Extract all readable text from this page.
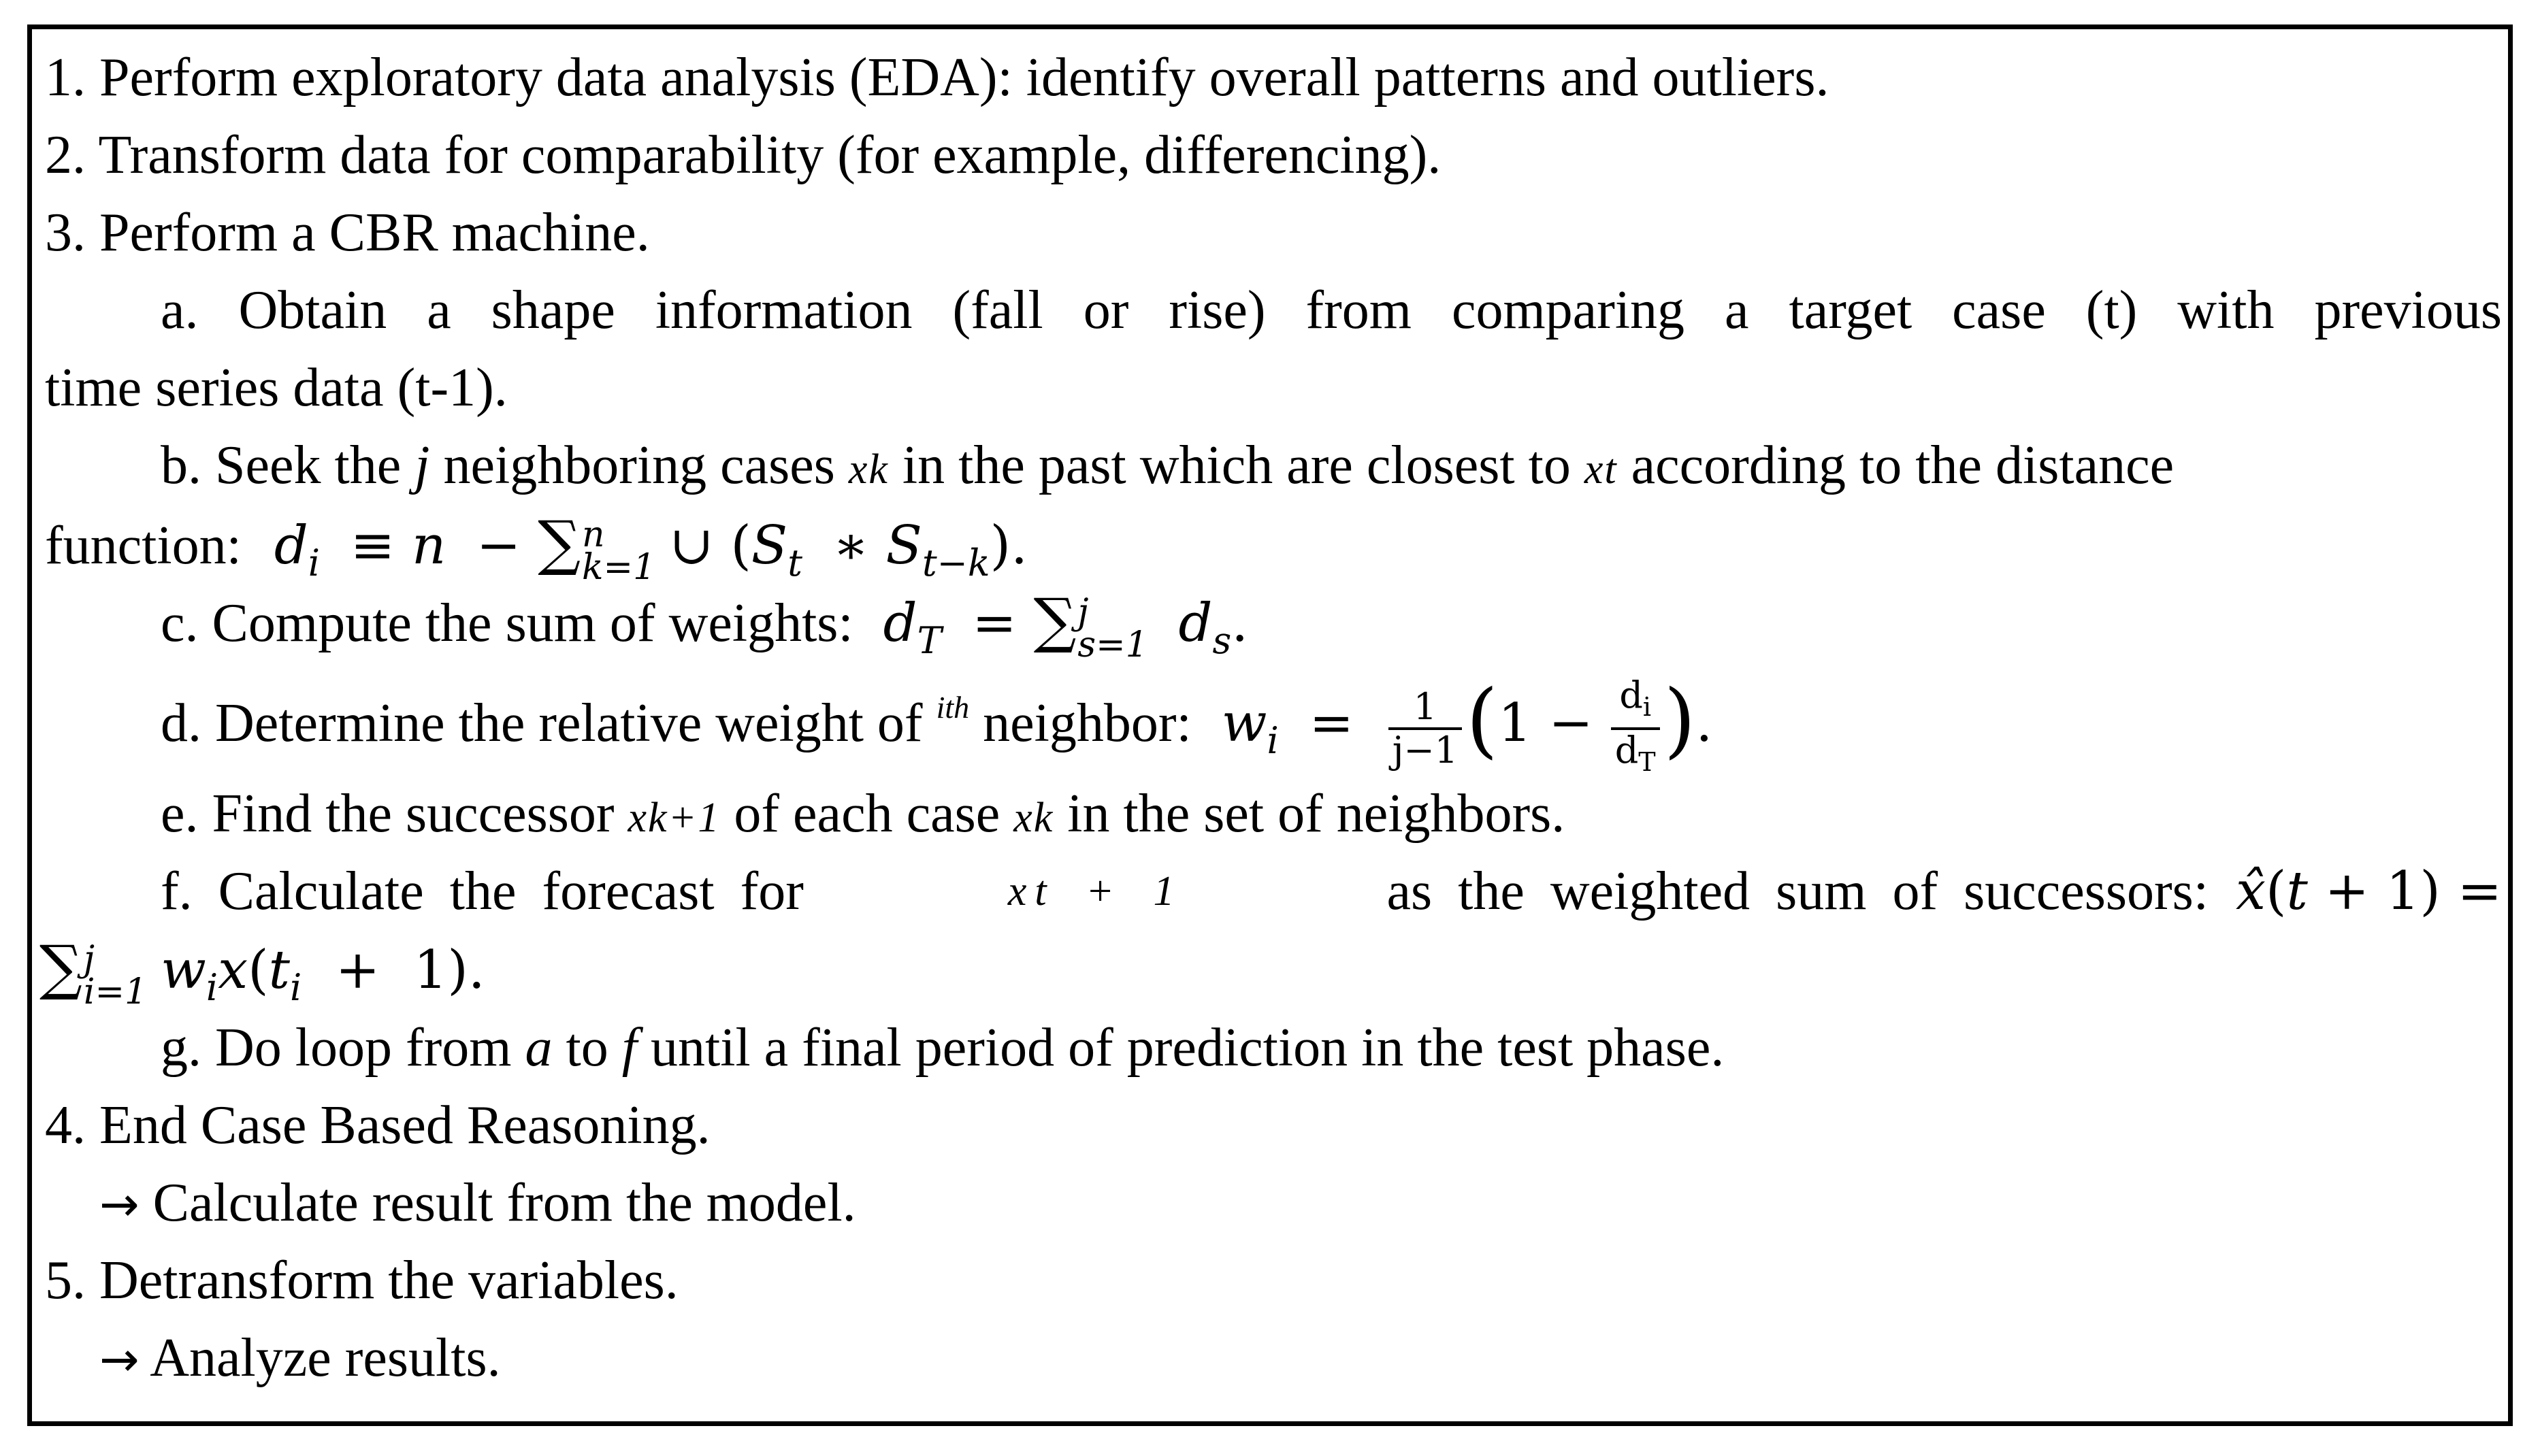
1. Perform exploratory data analysis (EDA): identify overall patterns and outliers.
2. Transform data for comparability (for example, differencing).
3. Perform a CBR machine.
a. Obtain a shape information (fall or rise) from comparing a target case (t) with previous
time series data (t-1).
b. Seek the j neighboring cases xk in the past which are closest to xt according to the distance
function: $d_i \equiv n$  − ∑ n
k=1 ∪ ($S_t$  ∗ $S_{t-k}$).
c. Compute the sum of weights: $d_T$  = ∑ j
s=1 $d_s$.
d. Determine the relative weight of $^{ith}$ neighbor: $w_i = \frac{1}{j-1} (1 - \frac{d_i}{d_T}$ ).
e. Find the successor xk+1 of each case xk in the set of neighbors.
f. Calculate the forecast for	xt + 1	as the weighted sum of successors: x̂(t + 1) =
∑ j
i=1 $w_ix(t_i + 1)$.
g. Do loop from a to f until a final period of prediction in the test phase.
4. End Case Based Reasoning.
→ Calculate result from the model.
5. Detransform the variables.
→ Analyze results.
